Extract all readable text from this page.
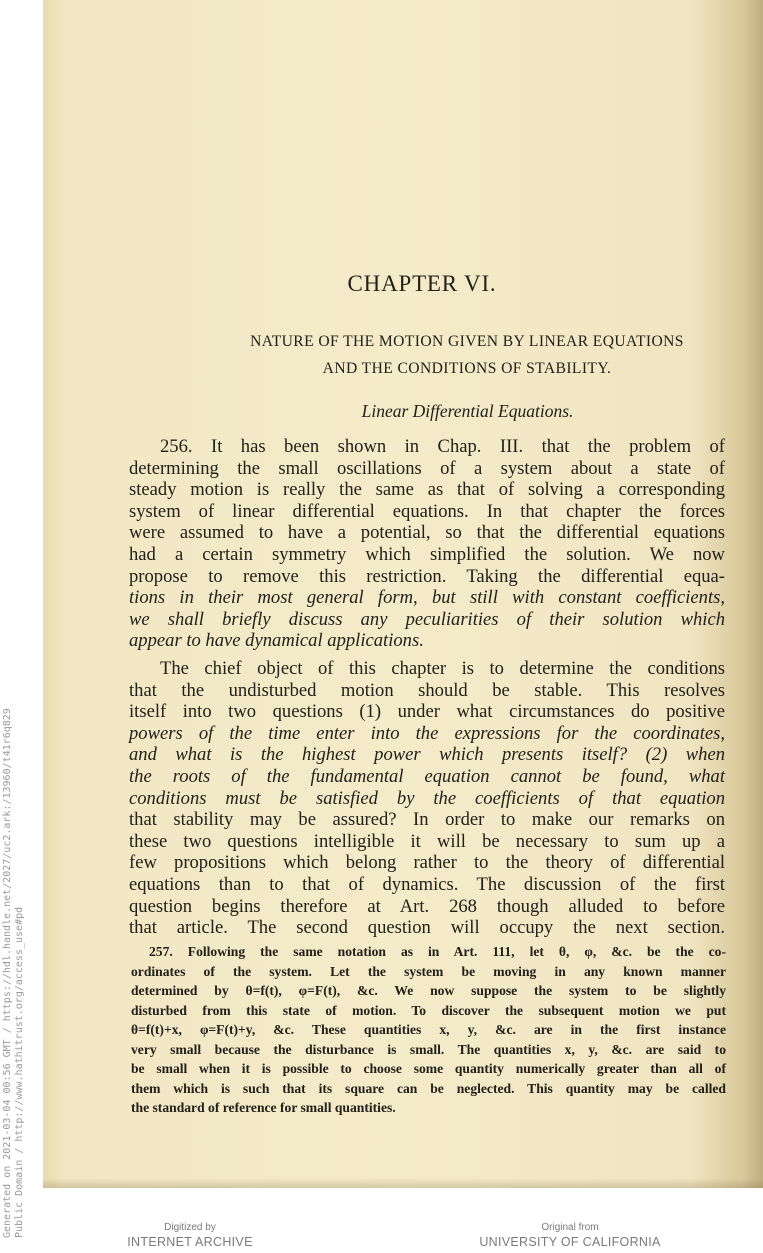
CHAPTER VI.
NATURE OF THE MOTION GIVEN BY LINEAR EQUATIONS
AND THE CONDITIONS OF STABILITY.
Linear Differential Equations.
256. It has been shown in Chap. III. that the problem of
determining the small oscillations of a system about a state of
steady motion is really the same as that of solving a corresponding
system of linear differential equations. In that chapter the forces
were assumed to have a potential, so that the differential equations
had a certain symmetry which simplified the solution. We now
propose to remove this restriction. Taking the differential equa-
tions in their most general form, but still with constant coefficients,
we shall briefly discuss any peculiarities of their solution which
appear to have dynamical applications.
The chief object of this chapter is to determine the conditions
that the undisturbed motion should be stable. This resolves
itself into two questions (1) under what circumstances do positive
powers of the time enter into the expressions for the coordinates,
and what is the highest power which presents itself? (2) when
the roots of the fundamental equation cannot be found, what
conditions must be satisfied by the coefficients of that equation
that stability may be assured? In order to make our remarks on
these two questions intelligible it will be necessary to sum up a
few propositions which belong rather to the theory of differential
equations than to that of dynamics. The discussion of the first
question begins therefore at Art. 268 though alluded to before
that article. The second question will occupy the next section.
257. Following the same notation as in Art. 111, let θ, φ, &c. be the co-
ordinates of the system. Let the system be moving in any known manner
determined by θ=f(t), φ=F(t), &c. We now suppose the system to be slightly
disturbed from this state of motion. To discover the subsequent motion we put
θ=f(t)+x, φ=F(t)+y, &c. These quantities x, y, &c. are in the first instance
very small because the disturbance is small. The quantities x, y, &c. are said to
be small when it is possible to choose some quantity numerically greater than all of
them which is such that its square can be neglected. This quantity may be called
the standard of reference for small quantities.
Generated on 2021-03-04 00:56 GMT / https://hdl.handle.net/2027/uc2.ark:/13960/t41r6q829 Public Domain / http://www.hathitrust.org/access_use#pd	Digitized by
INTERNET ARCHIVE
Original from
UNIVERSITY OF CALIFORNIA
